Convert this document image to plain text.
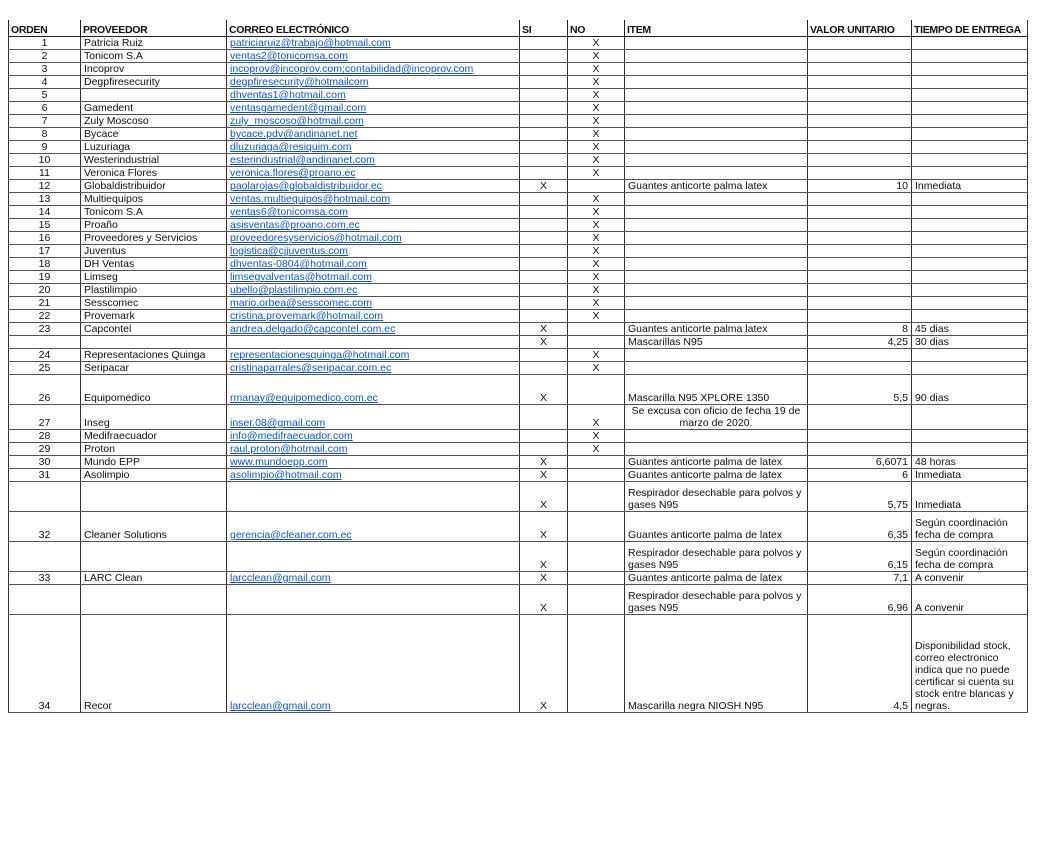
ORDEN	PROVEEDOR	CORREO ELECTRÓNICO	SI	NO	ITEM	VALOR UNITARIO	TIEMPO DE ENTREGA
1	Patricia Ruiz	patriciaruiz@trabajo@hotmail.com		X			
2	Tonicom S.A	ventas2@tonicomsa.com		X			
3	Incoprov	incoprov@incoprov.com;contabilidad@incoprov.com		X			
4	Degpfiresecurity	degpfiresecurity@hotmailcom		X			
5		dhventas1@hotmail.com		X			
6	Gamedent	ventasgamedent@gmail.com		X			
7	Zuly Moscoso	zuly_moscoso@hotmail.com		X			
8	Bycace	bycace.pdv@andinanet.net		X			
9	Luzuriaga	dluzuriaga@resiquim.com		X			
10	Westerindustrial	esterindustrial@andinanet.com		X			
11	Veronica Flores	veronica.flores@proano.ec		X			
12	Globaldistribuidor	paolarojas@globaldistribuidor.ec	X		Guantes anticorte palma latex	10	Inmediata
13	Multiequipos	ventas.multiequipos@hotmail.com		X			
14	Tonicom S.A	ventas6@tonicomsa.com		X			
15	Proaño	asisventas@proano.com.ec		X			
16	Proveedores y Servicios	proveedoresyservicios@hotmail.com		X			
17	Juventus	logistica@cjjuventus.com		X			
18	DH Ventas	dhventas-0804@hotmail.com		X			
19	Limseg	limsegvalventas@hotmail.com		X			
20	Plastilimpio	ubello@plastilimpio.com.ec		X			
21	Sesscomec	mario.orbea@sesscomec.com		X			
22	Provemark	cristina.provemark@hotmail.com		X			
23	Capcontel	andrea.delgado@capcontel.com.ec	X		Guantes anticorte palma latex	8	45 dias
			X		Mascarillas N95	4,25	30 dias
24	Representaciones Quinga	representacionesquinga@hotmail.com		X			
25	Seripacar	cristinaparrales@seripacar.com.ec		X			
26	Equipomedico	rmanay@equipomedico.com.ec	X		Mascarilla N95 XPLORE 1350	5,5	90 dias
27	Inseg	inser.08@gmail.com		X	Se excusa con oficio de fecha 19 de marzo de 2020.		
28	Medifraecuador	info@medifraecuador.com		X			
29	Proton	raul.proton@hotmail.com		X			
30	Mundo EPP	www.mundoepp.com	X		Guantes anticorte palma de latex	6,6071	48 horas
31	Asolimpio	asolimpio@hotmail.com	X		Guantes anticorte palma de latex	6	Inmediata
			X		Respirador desechable para polvos y gases N95	5,75	Inmediata
32	Cleaner Solutions	gerencia@cleaner.com.ec	X		Guantes anticorte palma de latex	6,35	Según coordinación fecha de compra
			X		Respirador desechable para polvos y gases N95	6,15	Según coordinación fecha de compra
33	LARC Clean	larcclean@gmail.com	X		Guantes anticorte palma de latex	7,1	A convenir
			X		Respirador desechable para polvos y gases N95	6,96	A convenir
34	Recor	larcclean@gmail.com	X		Mascarilla negra NIOSH N95	4,5	Disponibilidad stock, correo electronico indica que no puede certificar si cuenta su stock entre blancas y negras.
